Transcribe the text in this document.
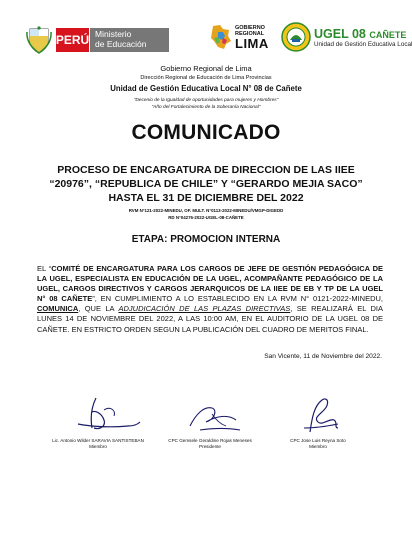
PERÚ Ministerio
de Educación
GOBIERNO
REGIONAL
LIMA
UGEL 08 CAÑETE
Unidad de Gestión Educativa Local
Gobierno Regional de Lima
Dirección Regional de Educación de Lima Provincias
Unidad de Gestión Educativa Local N° 08 de Cañete
"Decenio de la Igualdad de oportunidades para mujeres y Hombres"
"Año del Fortalecimiento de la Soberanía Nacional"
COMUNICADO
PROCESO DE ENCARGATURA DE DIRECCION DE LAS IIEE “20976”, “REPUBLICA DE CHILE” Y “GERARDO MEJIA SACO” HASTA EL 31 DE DICIEMBRE DEL 2022
RVM N°121-2022-MINEDU, OF. MULT. N°0113-2022-MINEDU/VMGP-DIGEDD
RD N°04276-2022-UGEL-08-CAÑETE
ETAPA: PROMOCION INTERNA
EL “COMITÉ DE ENCARGATURA PARA LOS CARGOS DE JEFE DE GESTIÓN PEDAGÓGICA DE LA UGEL, ESPECIALISTA EN EDUCACIÓN DE LA UGEL, ACOMPAÑANTE PEDAGÓGICO DE LA UGEL, CARGOS DIRECTIVOS Y CARGOS JERARQUICOS DE LA IIEE DE EB Y TP DE LA UGEL N° 08 CAÑETE”, EN CUMPLIMIENTO A LO ESTABLECIDO EN LA RVM N° 0121-2022-MINEDU, COMUNICA, QUE LA ADJUDICACIÓN DE LAS PLAZAS DIRECTIVAS, SE REALIZARÁ EL DIA LUNES 14 DE NOVIEMBRE DEL 2022, A LAS 10:00 AM, EN EL AUDITORIO DE LA UGEL 08 DE CAÑETE. EN ESTRICTO ORDEN SEGUN LA PUBLICACIÓN DEL CUADRO DE MERITOS FINAL.
San Vicente, 11 de Noviembre del 2022.
Lic. Antonio Wilder SARAVIA SANTISTEBAN
Miembro
CPC Gemsele Geraldine Rojas Meneses
Presidente
CPC Jose Luis Reyna Soto
Miembro
